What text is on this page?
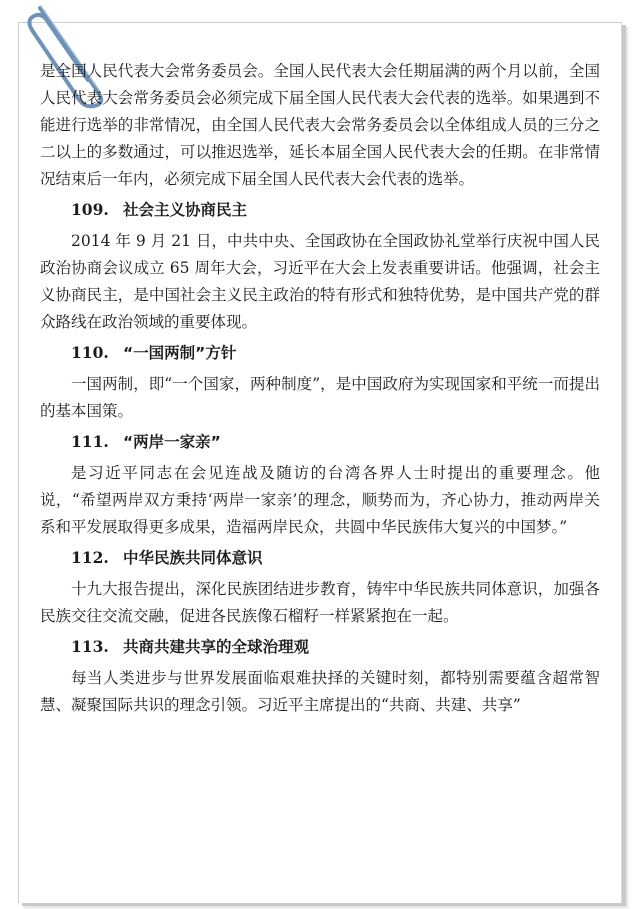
是全国人民代表大会常务委员会。全国人民代表大会任期届满的两个月以前，全国人民代表大会常务委员会必须完成下届全国人民代表大会代表的选举。如果遇到不能进行选举的非常情况，由全国人民代表大会常务委员会以全体组成人员的三分之二以上的多数通过，可以推迟选举，延长本届全国人民代表大会的任期。在非常情况结束后一年内，必须完成下届全国人民代表大会代表的选举。

109. 社会主义协商民主

2014 年 9 月 21 日，中共中央、全国政协在全国政协礼堂举行庆祝中国人民政治协商会议成立 65 周年大会，习近平在大会上发表重要讲话。他强调，社会主义协商民主，是中国社会主义民主政治的特有形式和独特优势，是中国共产党的群众路线在政治领域的重要体现。

110. “一国两制”方针

一国两制，即“一个国家，两种制度”，是中国政府为实现国家和平统一而提出的基本国策。

111. “两岸一家亲”

是习近平同志在会见连战及随访的台湾各界人士时提出的重要理念。他说，“希望两岸双方秉持‘两岸一家亲’的理念，顺势而为，齐心协力，推动两岸关系和平发展取得更多成果，造福两岸民众，共圆中华民族伟大复兴的中国梦。”

112. 中华民族共同体意识

十九大报告提出，深化民族团结进步教育，铸牢中华民族共同体意识，加强各民族交往交流交融，促进各民族像石榴籽一样紧紧抱在一起。

113. 共商共建共享的全球治理观

每当人类进步与世界发展面临艰难抉择的关键时刻，都特别需要蕴含超常智慧、凝聚国际共识的理念引领。习近平主席提出的“共商、共建、共享”
